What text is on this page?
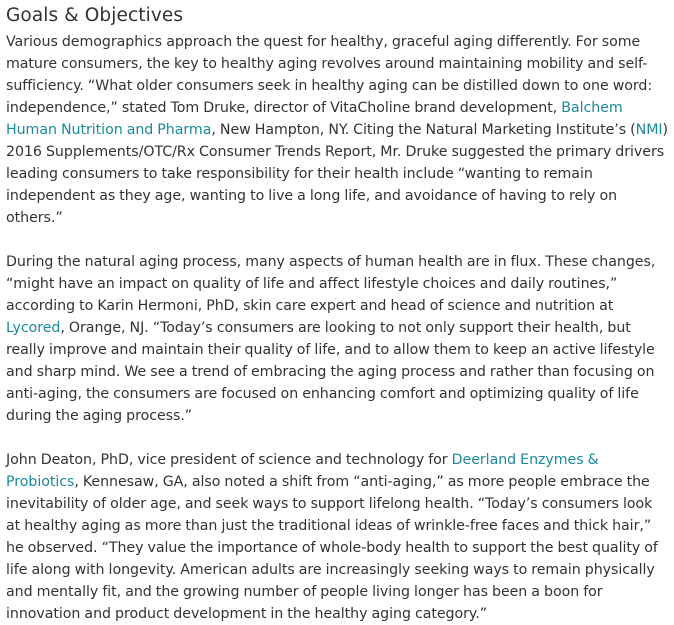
Goals & Objectives

Various demographics approach the quest for healthy, graceful aging differently. For some mature consumers, the key to healthy aging revolves around maintaining mobility and self-sufficiency. “What older consumers seek in healthy aging can be distilled down to one word: independence,” stated Tom Druke, director of VitaCholine brand development, Balchem Human Nutrition and Pharma, New Hampton, NY. Citing the Natural Marketing Institute’s (NMI) 2016 Supplements/OTC/Rx Consumer Trends Report, Mr. Druke suggested the primary drivers leading consumers to take responsibility for their health include “wanting to remain independent as they age, wanting to live a long life, and avoidance of having to rely on others.”

During the natural aging process, many aspects of human health are in flux. These changes, “might have an impact on quality of life and affect lifestyle choices and daily routines,” according to Karin Hermoni, PhD, skin care expert and head of science and nutrition at Lycored, Orange, NJ. “Today’s consumers are looking to not only support their health, but really improve and maintain their quality of life, and to allow them to keep an active lifestyle and sharp mind. We see a trend of embracing the aging process and rather than focusing on anti-aging, the consumers are focused on enhancing comfort and optimizing quality of life during the aging process.”

John Deaton, PhD, vice president of science and technology for Deerland Enzymes & Probiotics, Kennesaw, GA, also noted a shift from “anti-aging,” as more people embrace the inevitability of older age, and seek ways to support lifelong health. “Today’s consumers look at healthy aging as more than just the traditional ideas of wrinkle-free faces and thick hair,” he observed. “They value the importance of whole-body health to support the best quality of life along with longevity. American adults are increasingly seeking ways to remain physically and mentally fit, and the growing number of people living longer has been a boon for innovation and product development in the healthy aging category.”
